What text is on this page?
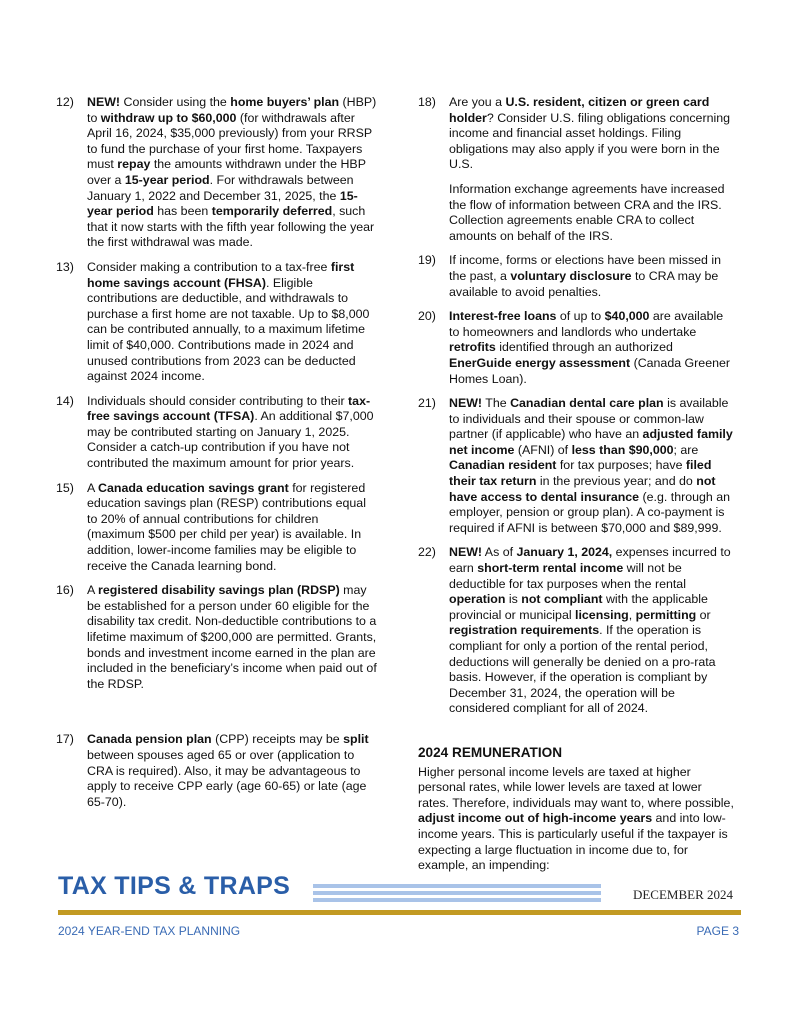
12)	NEW! Consider using the home buyers’ plan (HBP) to withdraw up to $60,000 (for withdrawals after April 16, 2024, $35,000 previously) from your RRSP to fund the purchase of your first home. Taxpayers must repay the amounts withdrawn under the HBP over a 15-year period. For withdrawals between January 1, 2022 and December 31, 2025, the 15-year period has been temporarily deferred, such that it now starts with the fifth year following the year the first withdrawal was made.

13)	Consider making a contribution to a tax-free first home savings account (FHSA). Eligible contributions are deductible, and withdrawals to purchase a first home are not taxable. Up to $8,000 can be contributed annually, to a maximum lifetime limit of $40,000. Contributions made in 2024 and unused contributions from 2023 can be deducted against 2024 income.

14)	Individuals should consider contributing to their tax-free savings account (TFSA). An additional $7,000 may be contributed starting on January 1, 2025. Consider a catch-up contribution if you have not contributed the maximum amount for prior years.

15)	A Canada education savings grant for registered education savings plan (RESP) contributions equal to 20% of annual contributions for children (maximum $500 per child per year) is available. In addition, lower-income families may be eligible to receive the Canada learning bond.

16)	A registered disability savings plan (RDSP) may be established for a person under 60 eligible for the disability tax credit. Non-deductible contributions to a lifetime maximum of $200,000 are permitted. Grants, bonds and investment income earned in the plan are included in the beneficiary’s income when paid out of the RDSP.

17)	Canada pension plan (CPP) receipts may be split between spouses aged 65 or over (application to CRA is required). Also, it may be advantageous to apply to receive CPP early (age 60-65) or late (age 65-70).

18)	Are you a U.S. resident, citizen or green card holder? Consider U.S. filing obligations concerning income and financial asset holdings. Filing obligations may also apply if you were born in the U.S.

Information exchange agreements have increased the flow of information between CRA and the IRS. Collection agreements enable CRA to collect amounts on behalf of the IRS.

19)	If income, forms or elections have been missed in the past, a voluntary disclosure to CRA may be available to avoid penalties.

20)	Interest-free loans of up to $40,000 are available to homeowners and landlords who undertake retrofits identified through an authorized EnerGuide energy assessment (Canada Greener Homes Loan).

21)	NEW! The Canadian dental care plan is available to individuals and their spouse or common-law partner (if applicable) who have an adjusted family net income (AFNI) of less than $90,000; are Canadian resident for tax purposes; have filed their tax return in the previous year; and do not have access to dental insurance (e.g. through an employer, pension or group plan). A co-payment is required if AFNI is between $70,000 and $89,999.

22)	NEW! As of January 1, 2024, expenses incurred to earn short-term rental income will not be deductible for tax purposes when the rental operation is not compliant with the applicable provincial or municipal licensing, permitting or registration requirements. If the operation is compliant for only a portion of the rental period, deductions will generally be denied on a pro-rata basis. However, if the operation is compliant by December 31, 2024, the operation will be considered compliant for all of 2024.

2024 REMUNERATION

Higher personal income levels are taxed at higher personal rates, while lower levels are taxed at lower rates. Therefore, individuals may want to, where possible, adjust income out of high-income years and into low-income years. This is particularly useful if the taxpayer is expecting a large fluctuation in income due to, for example, an impending:

TAX TIPS & TRAPS	DECEMBER 2024
2024 YEAR-END TAX PLANNING	PAGE 3
